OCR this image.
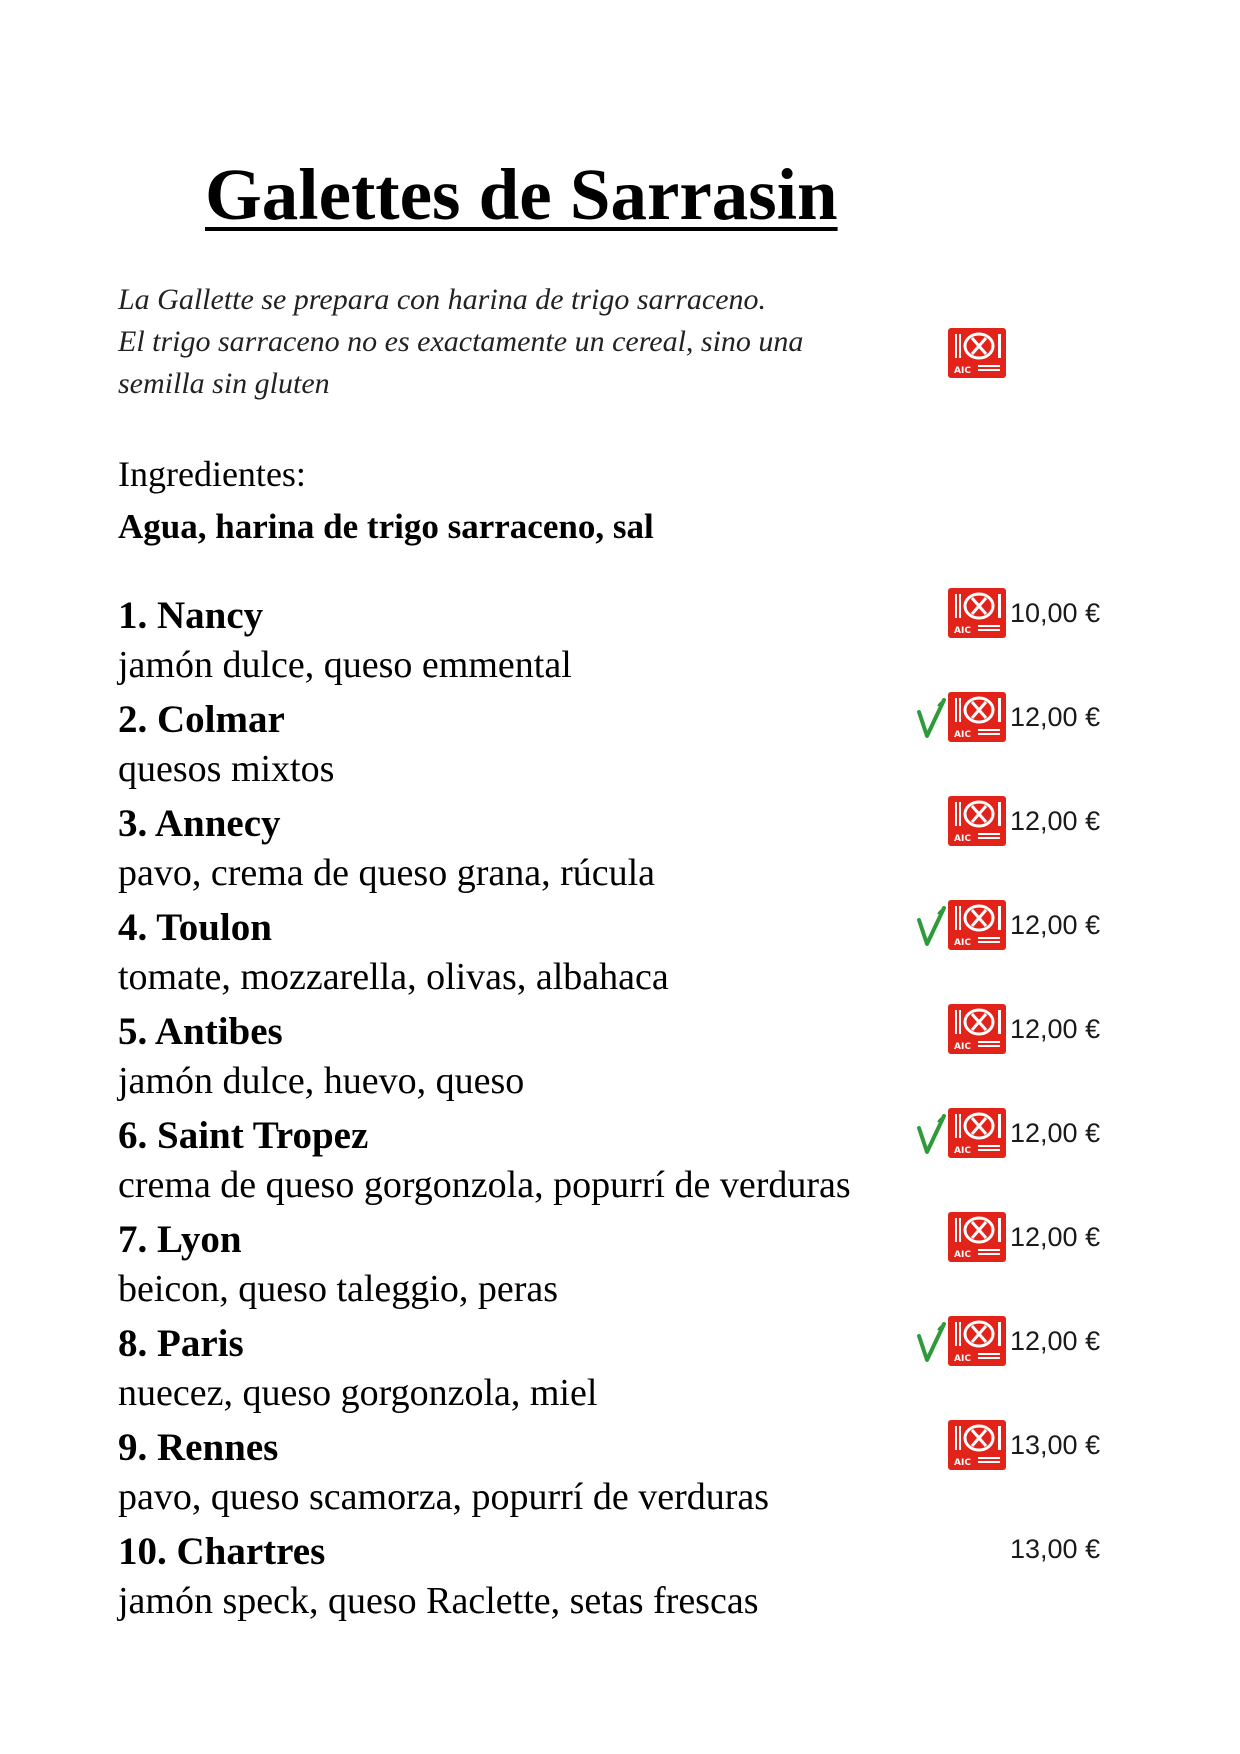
Galettes de Sarrasin
La Gallette se prepara con harina de trigo sarraceno.
El trigo sarraceno no es exactamente un cereal, sino una
semilla sin gluten	AIC
Ingredientes:
Agua, harina de trigo sarraceno, sal
1. Nancy
jamón dulce, queso emmental
10,00 €
AIC
2. Colmar
quesos mixtos
12,00 €
AIC
3. Annecy
pavo, crema de queso grana, rúcula
12,00 €
AIC
4. Toulon
tomate, mozzarella, olivas, albahaca
12,00 €
AIC
5. Antibes
jamón dulce, huevo, queso
12,00 €
AIC
6. Saint Tropez
crema de queso gorgonzola, popurrí de verduras
12,00 €
AIC
7. Lyon
beicon, queso taleggio, peras
12,00 €
AIC
8. Paris
nuecez, queso gorgonzola, miel
12,00 €
AIC
9. Rennes
pavo, queso scamorza, popurrí de verduras
13,00 €
AIC
10. Chartres
jamón speck, queso Raclette, setas frescas
13,00 €
